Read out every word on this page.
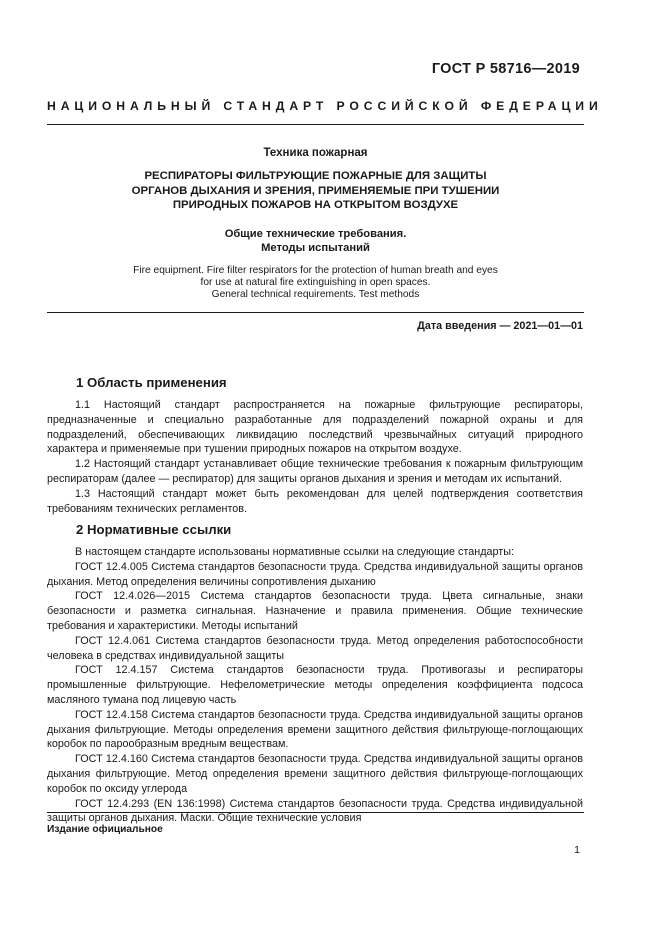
ГОСТ Р 58716—2019
НАЦИОНАЛЬНЫЙ СТАНДАРТ РОССИЙСКОЙ ФЕДЕРАЦИИ
Техника пожарная
РЕСПИРАТОРЫ ФИЛЬТРУЮЩИЕ ПОЖАРНЫЕ ДЛЯ ЗАЩИТЫ
ОРГАНОВ ДЫХАНИЯ И ЗРЕНИЯ, ПРИМЕНЯЕМЫЕ ПРИ ТУШЕНИИ
ПРИРОДНЫХ ПОЖАРОВ НА ОТКРЫТОМ ВОЗДУХЕ
Общие технические требования.
Методы испытаний
Fire equipment. Fire filter respirators for the protection of human breath and eyes
for use at natural fire extinguishing in open spaces.
General technical requirements. Test methods
Дата введения — 2021—01—01
1 Область применения

1.1 Настоящий стандарт распространяется на пожарные фильтрующие респираторы, предназначенные и специально разработанные для подразделений пожарной охраны и для подразделений, обеспечивающих ликвидацию последствий чрезвычайных ситуаций природного характера и применяемые при тушении природных пожаров на открытом воздухе.

1.2 Настоящий стандарт устанавливает общие технические требования к пожарным фильтрующим респираторам (далее — респиратор) для защиты органов дыхания и зрения и методам их испытаний.

1.3 Настоящий стандарт может быть рекомендован для целей подтверждения соответствия требованиям технических регламентов.

2 Нормативные ссылки

В настоящем стандарте использованы нормативные ссылки на следующие стандарты:

ГОСТ 12.4.005 Система стандартов безопасности труда. Средства индивидуальной защиты органов дыхания. Метод определения величины сопротивления дыханию

ГОСТ 12.4.026—2015 Система стандартов безопасности труда. Цвета сигнальные, знаки безопасности и разметка сигнальная. Назначение и правила применения. Общие технические требования и характеристики. Методы испытаний

ГОСТ 12.4.061 Система стандартов безопасности труда. Метод определения работоспособности человека в средствах индивидуальной защиты

ГОСТ 12.4.157 Система стандартов безопасности труда. Противогазы и респираторы промышленные фильтрующие. Нефелометрические методы определения коэффициента подсоса масляного тумана под лицевую часть

ГОСТ 12.4.158 Система стандартов безопасности труда. Средства индивидуальной защиты органов дыхания фильтрующие. Методы определения времени защитного действия фильтрующе-поглощающих коробок по парообразным вредным веществам.

ГОСТ 12.4.160 Система стандартов безопасности труда. Средства индивидуальной защиты органов дыхания фильтрующие. Метод определения времени защитного действия фильтрующе-поглощающих коробок по оксиду углерода

ГОСТ 12.4.293 (EN 136:1998) Система стандартов безопасности труда. Средства индивидуальной защиты органов дыхания. Маски. Общие технические условия

Издание официальное
1
